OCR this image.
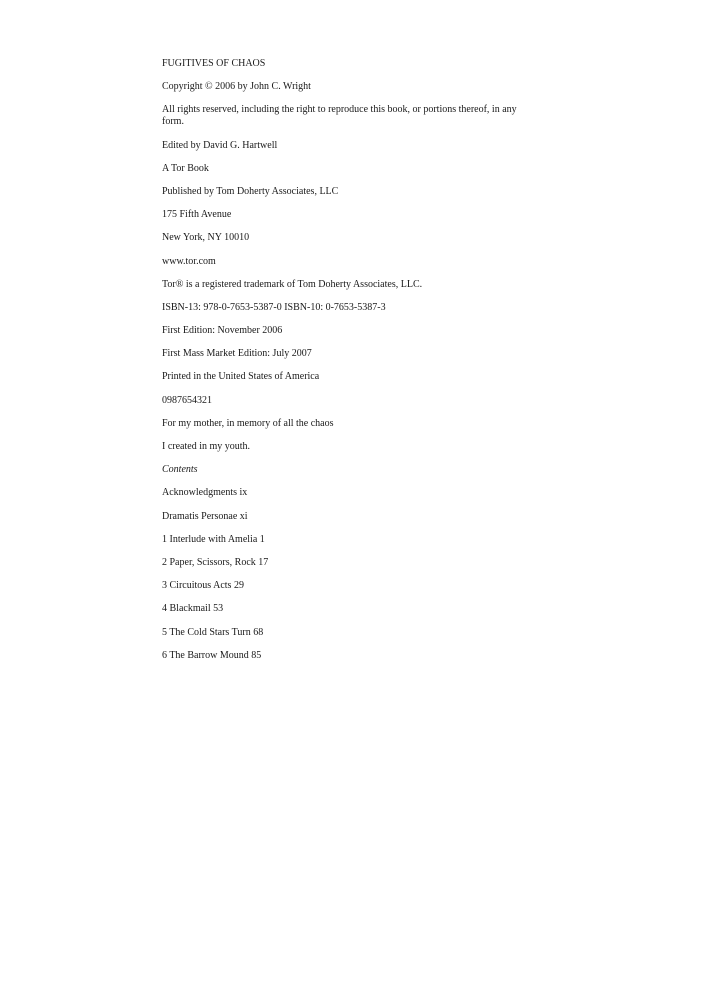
FUGITIVES OF CHAOS

Copyright © 2006 by John C. Wright

All rights reserved, including the right to reproduce this book, or portions thereof, in any form.

Edited by David G. Hartwell

A Tor Book

Published by Tom Doherty Associates, LLC

175 Fifth Avenue

New York, NY 10010

www.tor.com

Tor® is a registered trademark of Tom Doherty Associates, LLC.

ISBN-13: 978-0-7653-5387-0 ISBN-10: 0-7653-5387-3

First Edition: November 2006

First Mass Market Edition: July 2007

Printed in the United States of America

0987654321

For my mother, in memory of all the chaos

I created in my youth.

Contents

Acknowledgments ix

Dramatis Personae xi

1 Interlude with Amelia 1

2 Paper, Scissors, Rock 17

3 Circuitous Acts 29

4 Blackmail 53

5 The Cold Stars Turn 68

6 The Barrow Mound 85
